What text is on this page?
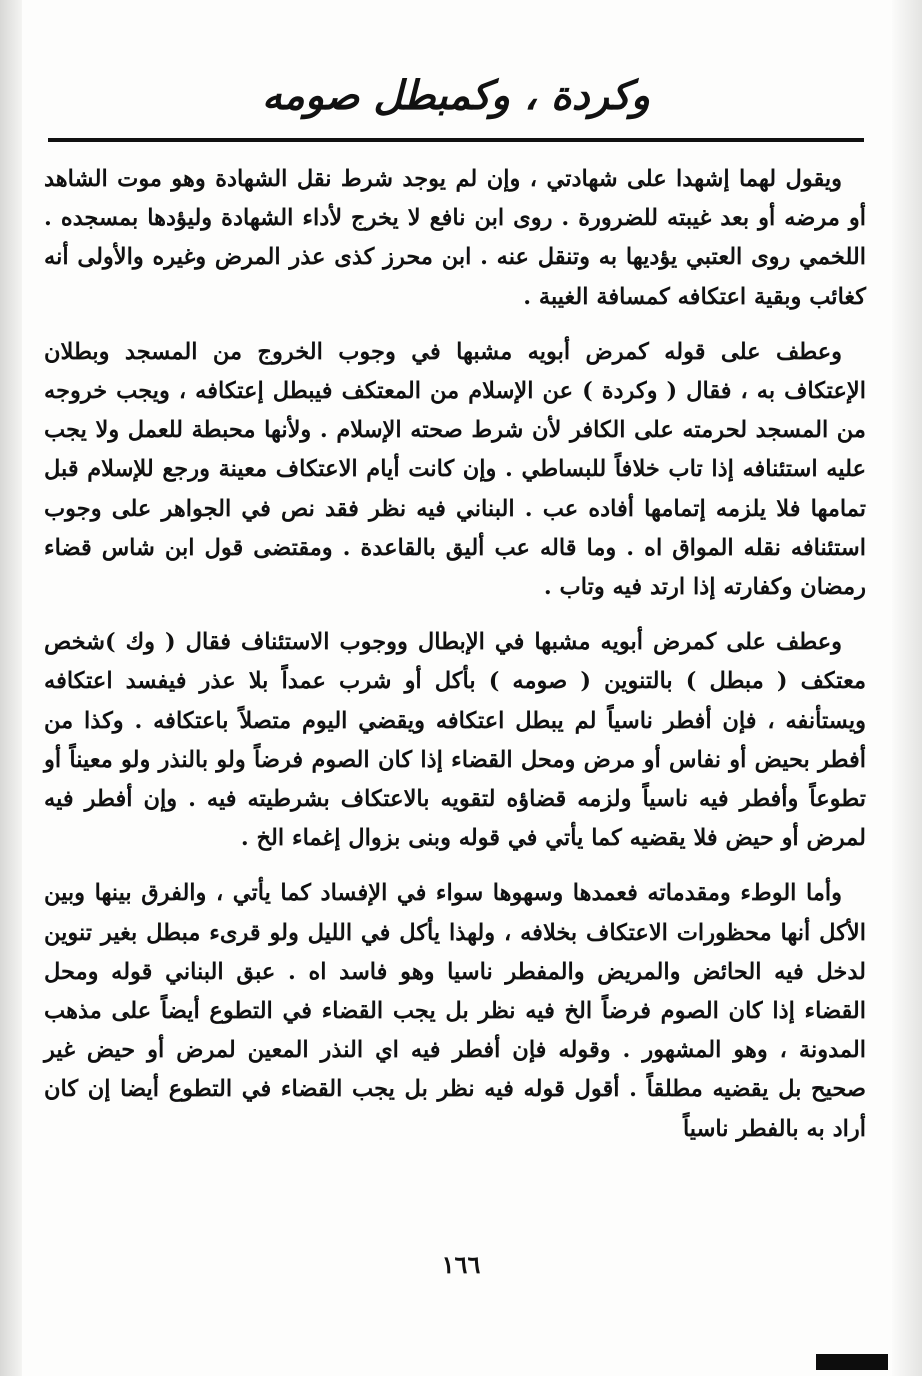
وكردة ، وكمبطل صومه

ويقول لهما إشهدا على شهادتي ، وإن لم يوجد شرط نقل الشهادة وهو موت الشاهد أو مرضه أو بعد غيبته للضرورة . روى ابن نافع لا يخرج لأداء الشهادة وليؤدها بمسجده . اللخمي روى العتبي يؤديها به وتنقل عنه . ابن محرز كذى عذر المرض وغيره والأولى أنه كغائب وبقية اعتكافه كمسافة الغيبة .

وعطف على قوله كمرض أبويه مشبها في وجوب الخروج من المسجد وبطلان الإعتكاف به ، فقال ( وكردة ) عن الإسلام من المعتكف فيبطل إعتكافه ، ويجب خروجه من المسجد لحرمته على الكافر لأن شرط صحته الإسلام . ولأنها محبطة للعمل ولا يجب عليه استئنافه إذا تاب خلافاً للبساطي . وإن كانت أيام الاعتكاف معينة ورجع للإسلام قبل تمامها فلا يلزمه إتمامها أفاده عب . البناني فيه نظر فقد نص في الجواهر على وجوب استئنافه نقله المواق اه . وما قاله عب أليق بالقاعدة . ومقتضى قول ابن شاس قضاء رمضان وكفارته إذا ارتد فيه وتاب .

وعطف على كمرض أبويه مشبها في الإبطال ووجوب الاستئناف فقال ( وك )شخص معتكف ( مبطل ) بالتنوين ( صومه ) بأكل أو شرب عمداً بلا عذر فيفسد اعتكافه ويستأنفه ، فإن أفطر ناسياً لم يبطل اعتكافه ويقضي اليوم متصلاً باعتكافه . وكذا من أفطر بحيض أو نفاس أو مرض ومحل القضاء إذا كان الصوم فرضاً ولو بالنذر ولو معيناً أو تطوعاً وأفطر فيه ناسياً ولزمه قضاؤه لتقويه بالاعتكاف بشرطيته فيه . وإن أفطر فيه لمرض أو حيض فلا يقضيه كما يأتي في قوله وبنى بزوال إغماء الخ .

وأما الوطء ومقدماته فعمدها وسهوها سواء في الإفساد كما يأتي ، والفرق بينها وبين الأكل أنها محظورات الاعتكاف بخلافه ، ولهذا يأكل في الليل ولو قرىء مبطل بغير تنوين لدخل فيه الحائض والمريض والمفطر ناسيا وهو فاسد اه . عبق البناني قوله ومحل القضاء إذا كان الصوم فرضاً الخ فيه نظر بل يجب القضاء في التطوع أيضاً على مذهب المدونة ، وهو المشهور . وقوله فإن أفطر فيه اي النذر المعين لمرض أو حيض غير صحيح بل يقضيه مطلقاً . أقول قوله فيه نظر بل يجب القضاء في التطوع أيضا إن كان أراد به بالفطر ناسياً

١٦٦
